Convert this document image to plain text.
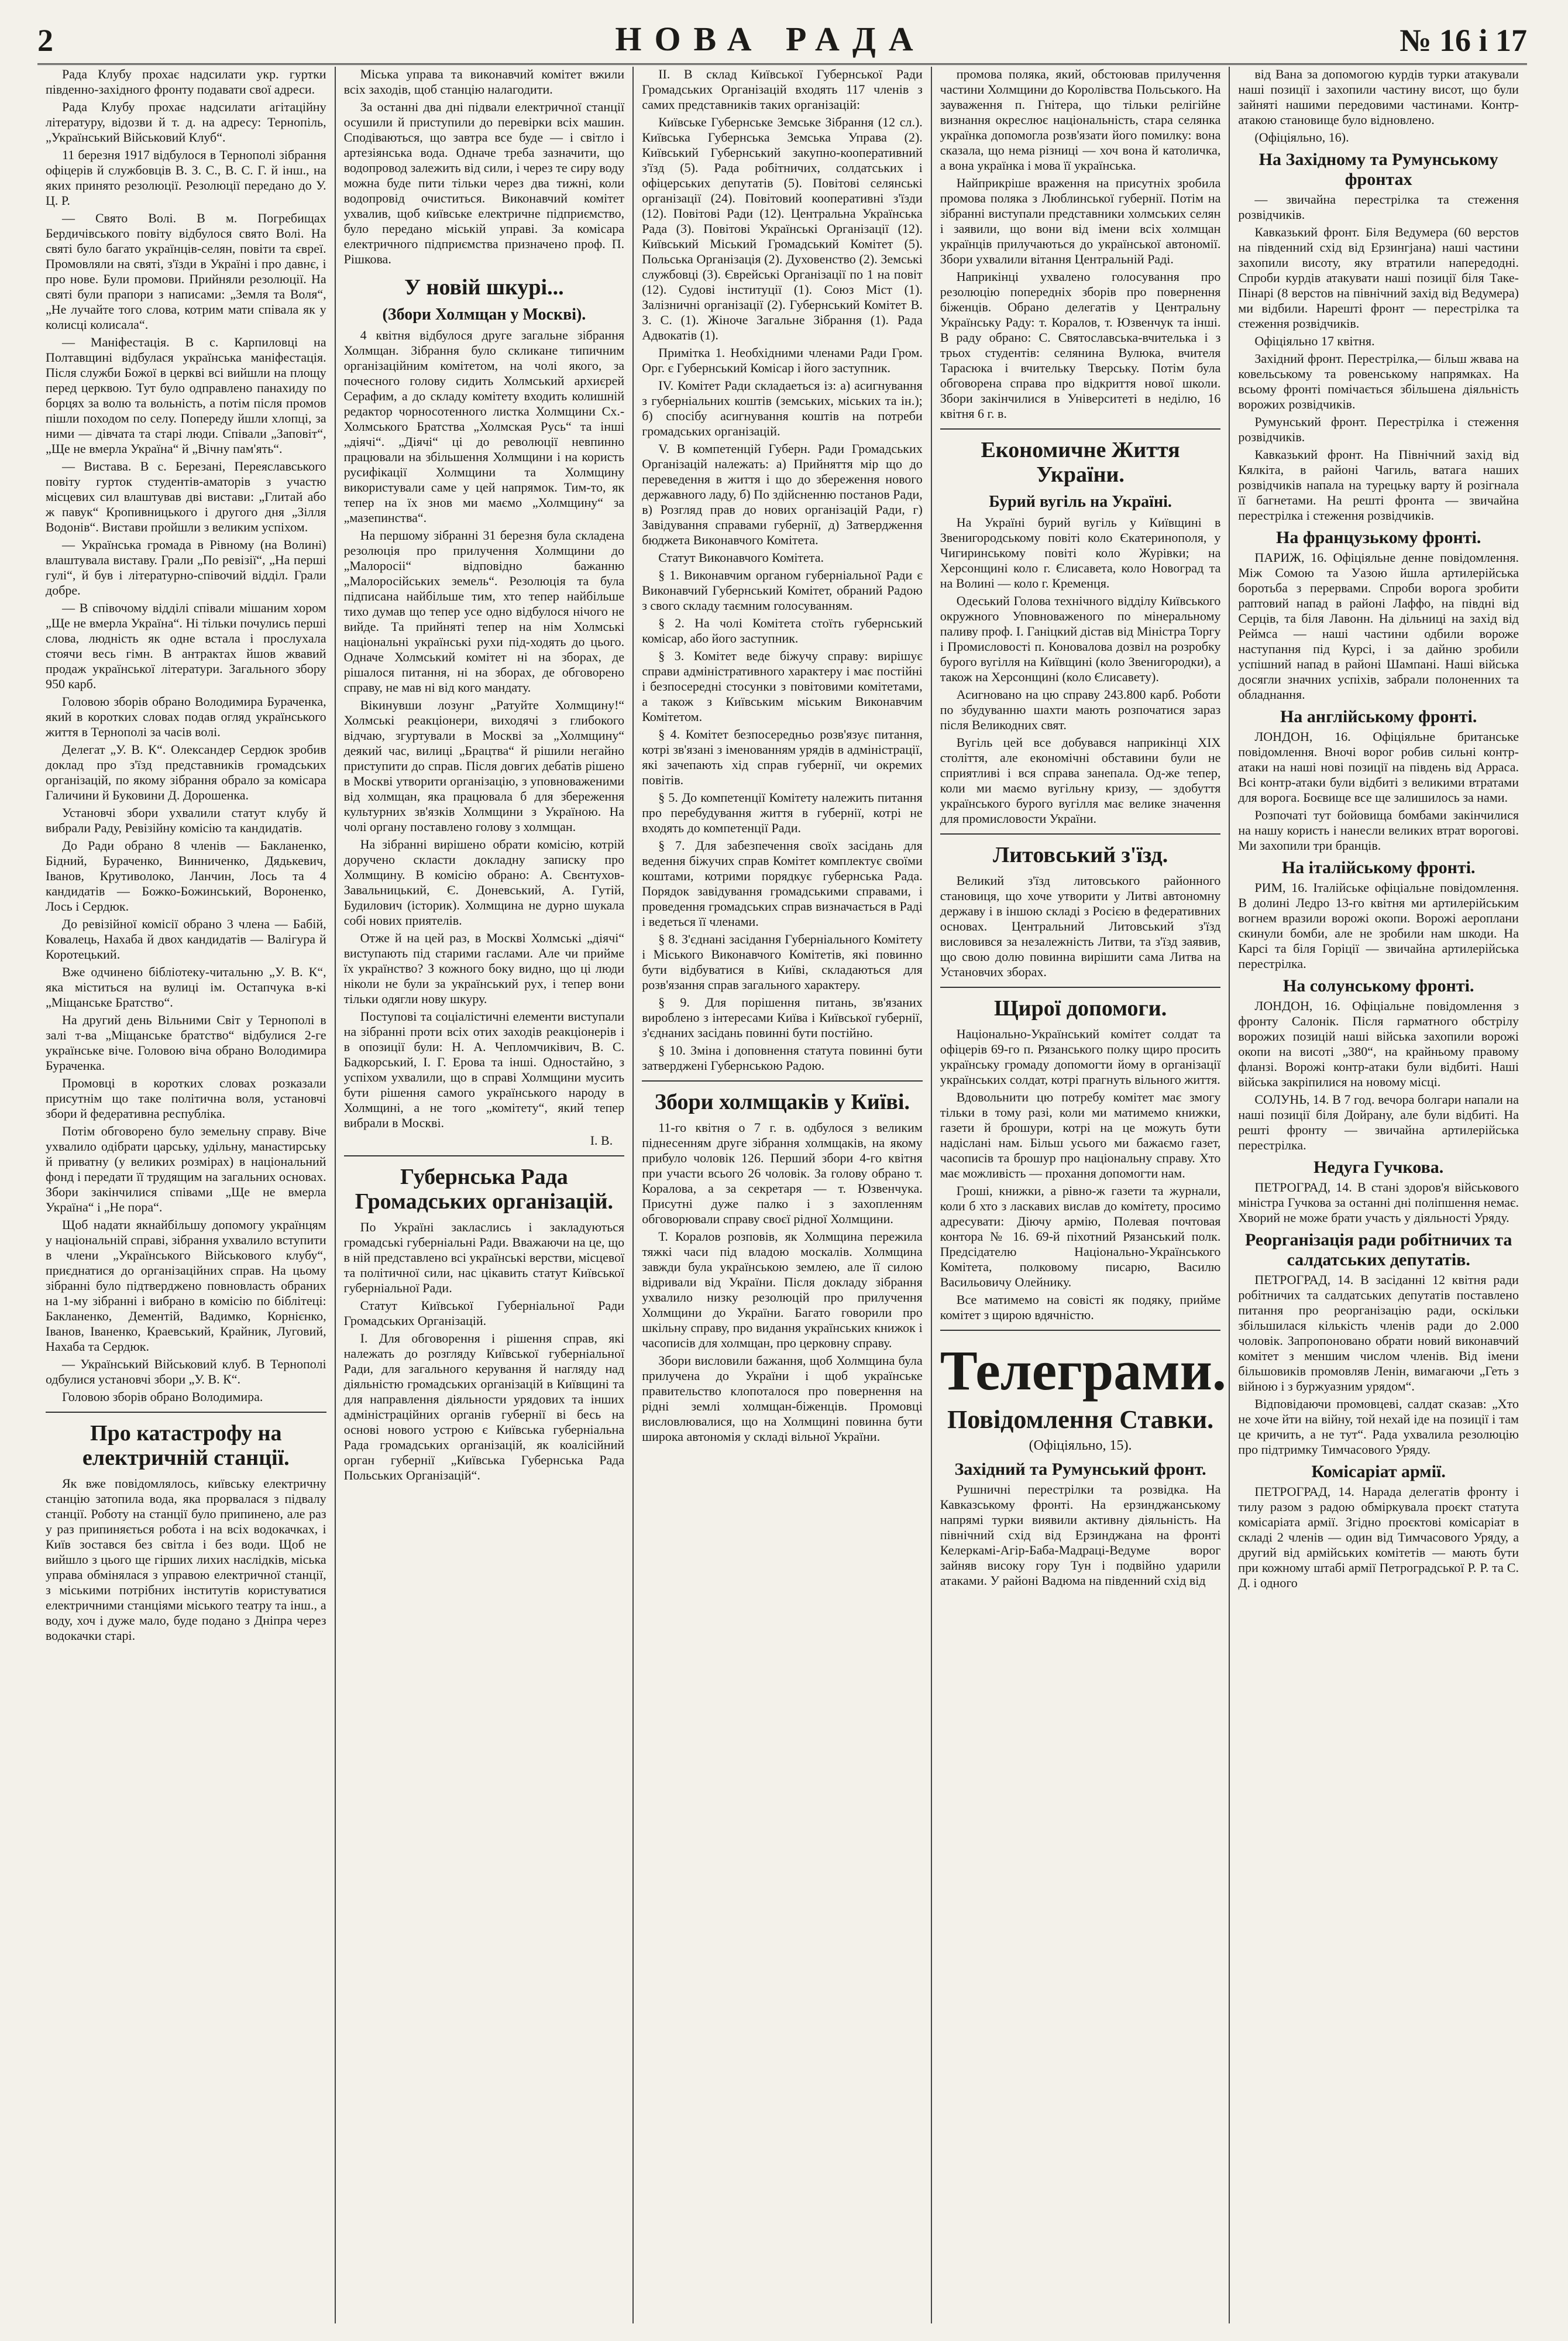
2	НОВА РАДА	№ 16 і 17
Рада Клубу прохає надсилати укр. гуртки південно-західного фронту подавати свої адреси.
Рада Клубу прохає надсилати агітаційну літературу, відозви й т. д. на адресу: Тернопіль, „Український Військовий Клуб“.
11 березня 1917 відбулося в Тернополі зібрання офіцерів й службовців В. З. С., В. С. Г. й інш., на яких принято резолюції. Резолюції передано до У. Ц. Р.
— Свято Волі. В м. Погребищах Бердичівського повіту відбулося свято Волі. На святі було багато українців-селян, повіти та євреї. Промовляли на святі, з'їзди в Україні і про давнє, і про нове. Були промови. Прийняли резолюції. На святі були прапори з написами: „Земля та Воля“, „Не лучайте того слова, котрим мати співала як у колисці колисала“.
— Маніфестація. В с. Карпиловці на Полтавщині відбулася українська маніфестація. Після служби Божої в церкві всі вийшли на площу перед церквою. Тут було одправлено панахиду по борцях за волю та вольність, а потім після промов пішли походом по селу. Попереду йшли хлопці, за ними — дівчата та старі люди. Співали „Заповіт“, „Ще не вмерла Україна“ й „Вічну пам'ять“.
— Вистава. В с. Березані, Переяславського повіту гурток студентів-аматорів з участю місцевих сил влаштував дві вистави: „Глитай або ж павук“ Кропивницького і другого дня „Зілля Водонів“. Вистави пройшли з великим успіхом.
— Українська громада в Рівному (на Волині) влаштувала виставу. Грали „По ревізії“, „На перші гулі“, й був і літературно-співочий відділ. Грали добре.
— В співочому відділі співали мішаним хором „Ще не вмерла Україна“. Ні тільки почулись перші слова, людність як одне встала і прослухала стоячи весь гімн. В антрактах йшов жвавий продаж української літератури. Загального збору 950 карб.
Головою зборів обрано Володимира Бураченка, який в коротких словах подав огляд українського життя в Тернополі за часів волі.
Делегат „У. В. К“. Олександер Сердюк зробив доклад про з'їзд представників громадських організацій, по якому зібрання обрало за комісара Галичини й Буковини Д. Дорошенка.
Установчі збори ухвалили статут клубу й вибрали Раду, Ревізійну комісію та кандидатів.
До Ради обрано 8 членів — Бакланенко, Бідний, Бураченко, Винниченко, Дядькевич, Іванов, Крутиволоко, Ланчин, Лось та 4 кандидатів — Божко-Божинський, Вороненко, Лось і Сердюк.
До ревізійної комісії обрано 3 члена — Бабій, Ковалець, Нахаба й двох кандидатів — Валігура й Коротецький.
Вже одчинено бібліотеку-читальню „У. В. К“, яка міститься на вулиці ім. Остапчука в-кі „Міщанське Братство“.
На другий день Вільними Світ у Тернополі в залі т-ва „Міщанське братство“ відбулися 2-ге українське віче. Головою віча обрано Володимира Бураченка.
Промовці в коротких словах розказали присутнім що таке політична воля, установчі збори й федеративна республіка.
Потім обговорено було земельну справу. Віче ухвалило одібрати царську, удільну, манастирську й приватну (у великих розмірах) в національний фонд і передати її трудящим на загальних основах. Збори закінчилися співами „Ще не вмерла Україна“ і „Не пора“.
Щоб надати якнайбільшу допомогу українцям у національній справі, зібрання ухвалило вступити в члени „Українського Військового клубу“, приєднатися до організаційних справ. На цьому зібранні було підтверджено повновласть обраних на 1-му зібранні і вибрано в комісію по біблітеці: Бакланенко, Дементій, Вадимко, Корнієнко, Іванов, Іваненко, Краевський, Крайник, Луговий, Нахаба та Сердюк.
— Український Військовий клуб. В Тернополі одбулися установчі збори „У. В. К“.
Головою зборів обрано Володимира.
Про катастрофу на електричній станції.
Як вже повідомлялось, київську електричну станцію затопила вода, яка прорвалася з підвалу станції. Роботу на станції було припинено, але раз у раз припиняється робота і на всіх водокачках, і Київ зостався без світла і без води. Щоб не вийшло з цього ще гірших лихих наслідків, міська управа обмінялася з управою електричної станції, з міськими потрібних інститутів користуватися електричними станціями міського театру та інш., а воду, хоч і дуже мало, буде подано з Дніпра через водокачки старі.
Міська управа та виконавчий комітет вжили всіх заходів, щоб станцію налагодити.
За останні два дні підвали електричної станції осушили й приступили до перевірки всіх машин. Сподіваються, що завтра все буде — і світло і артезіянська вода. Одначе треба зазначити, що водопровод залежить від сили, і через те сиру воду можна буде пити тільки через два тижні, коли водопровід очиститься. Виконавчий комітет ухвалив, щоб київське електричне підприємство, було передано міській управі. За комісара електричного підприємства призначено проф. П. Рішкова.
У новій шкурі...
(Збори Холмщан у Москві).
4 квітня відбулося друге загальне зібрання Холмщан. Зібрання було скликане типичним організаційним комітетом, на чолі якого, за почесного голову сидить Холмський архиєрей Серафим, а до складу комітету входить колишній редактор чорносотенного листка Холмщини Сх.-Холмського Братства „Холмская Русь“ та інші „діячі“. „Діячі“ ці до революції невпинно працювали на збільшення Холмщини і на користь русифікації Холмщини та Холмщину використували саме у цей напрямок. Тим-то, як тепер на їх знов ми маємо „Холмщину“ за „мазепинства“.
На першому зібранні 31 березня була складена резолюція про прилучення Холмщини до „Малоросіі“ відповідно бажанню „Малоросійських земель“. Резолюція та була підписана найбільше тим, хто тепер найбільше тихо думав що тепер усе одно відбулося нічого не вийде. Та прийняті тепер на нім Холмські національні українські рухи під-ходять до цього. Одначе Холмський комітет ні на зборах, де рішалося питання, ні на зборах, де обговорено справу, не мав ні від кого мандату.
Вікинувши лозунг „Ратуйте Холмщину!“ Холмські реакціонери, виходячі з глибокого відчаю, згуртували в Москві за „Холмщину“ деякий час, вилиці „Брацтва“ й рішили негайно приступити до справ. Після довгих дебатів рішено в Москві утворити організацію, з уповноваженими від холмщан, яка працювала б для збереження культурних зв'язків Холмщини з Україною. На чолі органу поставлено голову з холмщан.
На зібранні вирішено обрати комісію, котрій доручено скласти докладну записку про Холмщину. В комісію обрано: А. Свєнтухов-Завальницький, Є. Доневський, А. Гутій, Будилович (історик). Холмщина не дурно шукала собі нових приятелів.
Отже й на цей раз, в Москві Холмські „діячі“ виступають під старими гаслами. Але чи прийме їх українство? З кожного боку видно, що ці люди ніколи не були за український рух, і тепер вони тільки одягли нову шкуру.
Поступові та соціалістичні елементи виступали на зібранні проти всіх отих заходів реакціонерів і в опозиції були: Н. А. Чепломчиківич, В. С. Бадкорський, І. Г. Ерова та інші. Одностайно, з успіхом ухвалили, що в справі Холмщини мусить бути рішення самого українського народу в Холмщині, а не того „комітету“, який тепер вибрали в Москві.
І. В.
Губернська Рада Громадських організацій.
По Україні закласлись і закладуються громадські губерніальні Ради. Вважаючи на це, що в ній представлено всі українські верстви, місцевої та політичної сили, нас цікавить статут Київської губерніальної Ради.
Статут Київської Губерніальної Ради Громадських Організацій.
I. Для обговорення і рішення справ, які належать до розгляду Київської губерніальної Ради, для загального керування й нагляду над діяльністю громадських організацій в Київщині та для направлення діяльности урядових та інших адміністраційних органів губернії ві бесь на основі нового устрою є Київська губерніальна Рада громадських організацій, як коалісійний орган губернії „Київська Губернська Рада Польських Організацій“.
II. В склад Київської Губернської Ради Громадських Організацій входять 117 членів з самих представників таких організацій:
Київське Губернське Земське Зібрання (12 сл.). Київська Губернська Земська Управа (2). Київський Губернський закупно-кооперативний з'їзд (5). Рада робітничих, солдатських і офіцерських депутатів (5). Повітові селянські організації (24). Повітовий кооперативні з'їзди (12). Повітові Ради (12). Центральна Українська Рада (3). Повітові Українські Організації (12). Київський Міський Громадський Комітет (5). Польська Організація (2). Духовенство (2). Земські службовці (3). Єврейські Організації по 1 на повіт (12). Судові інституції (1). Союз Міст (1). Залізничні організації (2). Губернський Комітет В. З. С. (1). Жіноче Загальне Зібрання (1). Рада Адвокатів (1).
Примітка 1. Необхідними членами Ради Гром. Орг. є Губернський Комісар і його заступник.
IV. Комітет Ради складаеться із: а) асигнування з губерніальних коштів (земських, міських та ін.); б) спосібу асигнування коштів на потреби громадських організацій.
V. В компетенцій Губерн. Ради Громадських Організацій належать: а) Прийняття мір що до переведення в життя і що до збереження нового державного ладу, б) По здійсненню постанов Ради, в) Розгляд прав до нових організацій Ради, г) Завідування справами губернії, д) Затвердження бюджета Виконавчого Комітета.
Статут Виконавчого Комітета.
§ 1. Виконавчим органом губерніальної Ради є Виконавчий Губернський Комітет, обраний Радою з свого складу таємним голосуванням.
§ 2. На чолі Комітета стоїть губернський комісар, або його заступник.
§ 3. Комітет веде біжучу справу: вирішує справи адміністративного характеру і має постійні і безпосередні стосунки з повітовими комітетами, а також з Київським міським Виконавчим Комітетом.
§ 4. Комітет безпосередньо розв'язує питання, котрі зв'язані з іменованням урядів в адміністрації, які зачепають хід справ губернії, чи окремих повітів.
§ 5. До компетенції Комітету належить питання про перебудування життя в губернії, котрі не входять до компетенції Ради.
§ 7. Для забезпечення своїх засідань для ведення біжучих справ Комітет комплектує своїми коштами, котрими порядкує губернська Рада. Порядок завідування громадськими справами, і проведення громадських справ визначається в Раді і ведеться її членами.
§ 8. З'єднані засідання Губерніального Комітету і Міського Виконавчого Комітетів, які повинно бути відбуватися в Київі, складаються для розв'язання справ загального характеру.
§ 9. Для порішення питань, зв'язаних вироблено з інтересами Київа і Київської губернії, з'єднаних засідань повинні бути постійно.
§ 10. Зміна і доповнення статута повинні бути затверджені Губернською Радою.
Збори холмщаків у Київі.
11-го квітня о 7 г. в. одбулося з великим піднесенням друге зібрання холмщаків, на якому прибуло чоловік 126. Перший збори 4-го квітня при участи всього 26 чоловік. За голову обрано т. Коралова, а за секретаря — т. Юзвенчука. Присутні дуже палко і з захопленням обговорювали справу своєї рідної Холмщини.
Т. Коралов розповів, як Холмщина пережила тяжкі часи під владою москалів. Холмщина завжди була українською землею, але її силою відривали від України. Після докладу зібрання ухвалило низку резолюцій про прилучення Холмщини до України. Багато говорили про шкільну справу, про видання українських книжок і часописів для холмщан, про церковну справу.
Збори висловили бажання, щоб Холмщина була прилучена до України і щоб українське правительство клопоталося про повернення на рідні землі холмщан-біженців. Промовці висловлювалися, що на Холмщині повинна бути широка автономія у складі вільної України.
промова поляка, який, обстоював прилучення частини Холмщини до Королівства Польського. На зауваження п. Гнітера, що тільки релігійне визнання окреслює національність, стара селянка українка допомогла розв'язати його помилку: вона сказала, що нема різниці — хоч вона й католичка, а вона українка і мова її українська.
Найприкріше враження на присутніх зробила промова поляка з Люблинської губернії. Потім на зібранні виступали представники холмських селян і заявили, що вони від імени всіх холмщан українців прилучаються до української автономії. Збори ухвалили вітання Центральній Раді.
Наприкінці ухвалено голосування про резолюцію попередніх зборів про повернення біженців. Обрано делегатів у Центральну Українську Раду: т. Коралов, т. Юзвенчук та інші. В раду обрано: С. Святославська-вчителька і з трьох студентів: селянина Вулюка, вчителя Тарасюка і вчительку Тверську. Потім була обговорена справа про відкриття нової школи. Збори закінчилися в Університеті в неділю, 16 квітня 6 г. в.
Економичне Життя України.
Бурий вугіль на Україні.
На Україні бурий вугіль у Київщині в Звенигородському повіті коло Єкатеринополя, у Чигиринському повіті коло Журівки; на Херсонщині коло г. Єлисавета, коло Новоград та на Волині — коло г. Кременця.
Одеський Голова технічного відділу Київського окружного Уповноваженого по мінеральному паливу проф. І. Ганіцкий дістав від Міністра Торгу і Промисловості п. Коновалова дозвіл на розробку бурого вугілля на Київщині (коло Звенигородки), а також на Херсонщині (коло Єлисавету).
Асигновано на цю справу 243.800 карб. Роботи по збудуванню шахти мають розпочатися зараз після Великодних свят.
Вугіль цей все добувався наприкінці XIX століття, але економічні обставини були не сприятливі і вся справа занепала. Од-же тепер, коли ми маємо вугільну кризу, — здобуття українського бурого вугілля має велике значення для промисловости України.
Литовський з'їзд.
Великий з'їзд литовського районного становиця, що хоче утворити у Литві автономну державу і в іншою складі з Росією в федеративних основах. Центральний Литовський з'їзд висловився за незалежність Литви, та з'їзд заявив, що свою долю повинна вирішити сама Литва на Установчих зборах.
Щирої допомоги.
Національно-Український комітет солдат та офіцерів 69-го п. Рязанського полку щиро просить українську громаду допомогти йому в організації українських солдат, котрі прагнуть вільного життя.
Вдовольнити цю потребу комітет має змогу тільки в тому разі, коли ми матимемо книжки, газети й брошури, котрі на це можуть бути надіслані нам. Більш усього ми бажаємо газет, часописів та брошур про національну справу. Хто має можливість — прохання допомогти нам.
Гроші, книжки, а рівно-ж газети та журнали, коли б хто з ласкавих вислав до комітету, просимо адресувати: Діючу армію, Полевая почтовая контора № 16. 69-й піхотний Рязанський полк. Предсідателю Національно-Українського Комітета, полковому писарю, Василю Васильовичу Олейнику.
Все матимемо на совісті як подяку, прийме комітет з щирою вдячністю.
Телеграми.
Повідомлення Ставки.
(Офіціяльно, 15).
Західний та Румунський фронт.
Рушничні перестрілки та розвідка. На Кавказському фронті. На ерзинджанському напрямі турки виявили активну діяльність. На північний схід від Ерзинджана на фронті Келеркамі-Агір-Баба-Мадраці-Ведуме ворог зайняв високу гору Тун і подвійно ударили атаками. У районі Вадюма на південний схід від
від Вана за допомогою курдів турки атакували наші позиції і захопили частину висот, що були зайняті нашими передовими частинами. Контр-атакою становище було відновлено.
(Офіціяльно, 16).
На Західному та Румунському фронтах
— звичайна перестрілка та стеження розвідчиків.
Кавказький фронт. Біля Ведумера (60 верстов на південний схід від Ерзингjана) наші частини захопили висоту, яку втратили напередодні. Спроби курдів атакувати наші позиції біля Таке-Пінарі (8 верстов на північний захід від Ведумера) ми відбили. Нарешті фронт — перестрілка та стеження розвідчиків.
Офіціяльно 17 квітня.
Західний фронт. Перестрілка,— більш жвава на ковельському та ровенському напрямках. На всьому фронті помічається збільшена діяльність ворожих розвідчиків.
Румунський фронт. Перестрілка і стеження розвідчиків.
Кавказький фронт. На Північний захід від Кялкіта, в районі Чагиль, ватага наших розвідчиків напала на турецьку варту й розігнала її багнетами. На решті фронта — звичайна перестрілка і стеження розвідчиків.
На французькому фронті.
ПАРИЖ, 16. Офіціяльне денне повідомлення. Між Сомою та Уазою йшла артилерійська боротьба з перервами. Спроби ворога зробити раптовий напад в районі Лаффо, на півдні від Серців, та біля Лавонн. На дільниці на захід від Реймса — наші частини одбили вороже наступання під Курсі, і за дайню зробили успішний напад в районі Шампані. Наші війська досягли значних успіхів, забрали полоненних та обладнання.
На англійському фронті.
ЛОНДОН, 16. Офіціяльне британське повідомлення. Вночі ворог робив сильні контр-атаки на наші нові позиції на південь від Арраса. Всі контр-атаки були відбиті з великими втратами для ворога. Боєвище все ще залишилось за нами.
Розпочаті тут бойовища бомбами закінчилися на нашу користь і нанесли великих втрат ворогові. Ми захопили три бранців.
На італійському фронті.
РИМ, 16. Італійське офіціальне повідомлення. В долині Ледро 13-го квітня ми артилерійським вогнем вразили ворожі окопи. Ворожі аероплани скинули бомби, але не зробили нам шкоди. На Карсі та біля Горіції — звичайна артилерійська перестрілка.
На солунському фронті.
ЛОНДОН, 16. Офіціальне повідомлення з фронту Салонік. Після гарматного обстрілу ворожих позицій наші війська захопили ворожі окопи на висоті „380“, на крайньому правому фланзі. Ворожі контр-атаки були відбиті. Наші війська закріпилися на новому місці.
СОЛУНЬ, 14. В 7 год. вечора болгари напали на наші позиції біля Дойрану, але були відбиті. На решті фронту — звичайна артилерійська перестрілка.
Недуга Гучкова.
ПЕТРОГРАД, 14. В стані здоров'я військового міністра Гучкова за останні дні поліпшення немає. Хворий не може брати участь у діяльності Уряду.
Реорганізація ради робітничих та салдатських депутатів.
ПЕТРОГРАД, 14. В засіданні 12 квітня ради робітничих та салдатських депутатів поставлено питання про реорганізацію ради, оскільки збільшилася кількість членів ради до 2.000 чоловік. Запропоновано обрати новий виконавчий комітет з меншим числом членів. Від імени більшовиків промовляв Ленін, вимагаючи „Геть з війною і з буржуазним урядом“.
Відповідаючи промовцеві, салдат сказав: „Хто не хоче йти на війну, той нехай іде на позиції і там це кричить, а не тут“. Рада ухвалила резолюцію про підтримку Тимчасового Уряду.
Комісаріат армії.
ПЕТРОГРАД, 14. Нарада делегатів фронту і тилу разом з радою обміркувала проєкт статута комісаріата армії. Згідно проєктові комісаріат в складі 2 членів — один від Тимчасового Уряду, а другий від армійських комітетів — мають бути при кожному штабі армії Петроградської Р. Р. та С. Д. і одного
